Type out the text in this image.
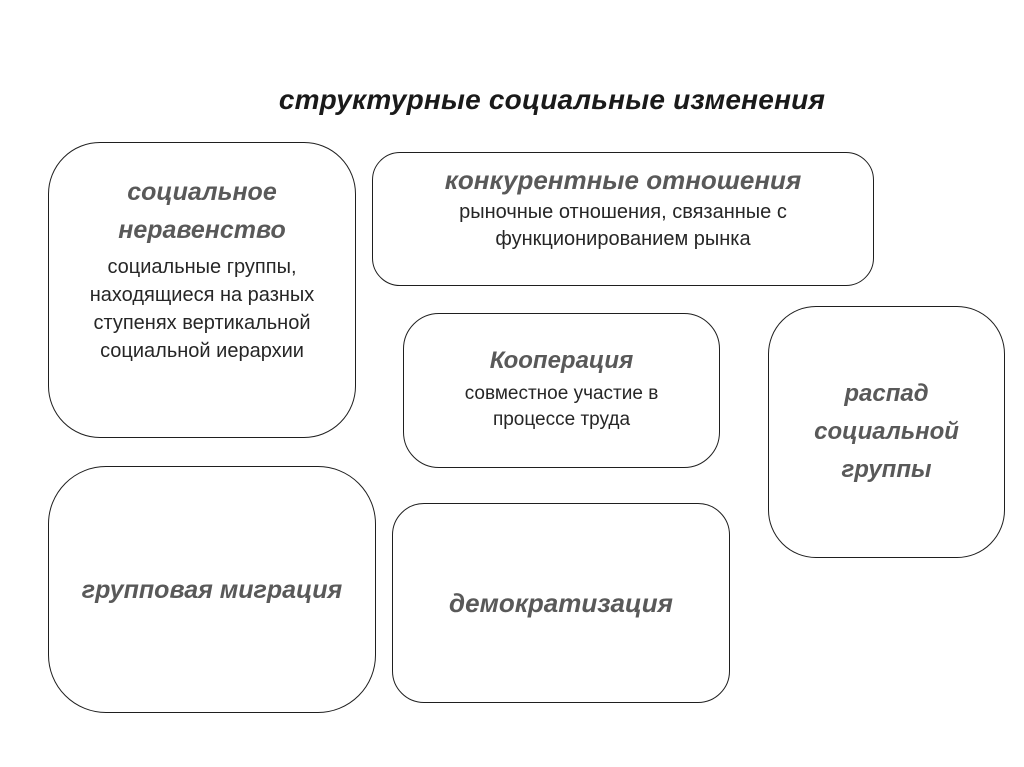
структурные социальные изменения
социальное неравенство
социальные группы, находящиеся на разных ступенях вертикальной социальной иерархии
конкурентные отношения
рыночные отношения, связанные с функционированием рынка
Кооперация
совместное участие в процессе труда
распад социальной группы
групповая миграция	демократизация
